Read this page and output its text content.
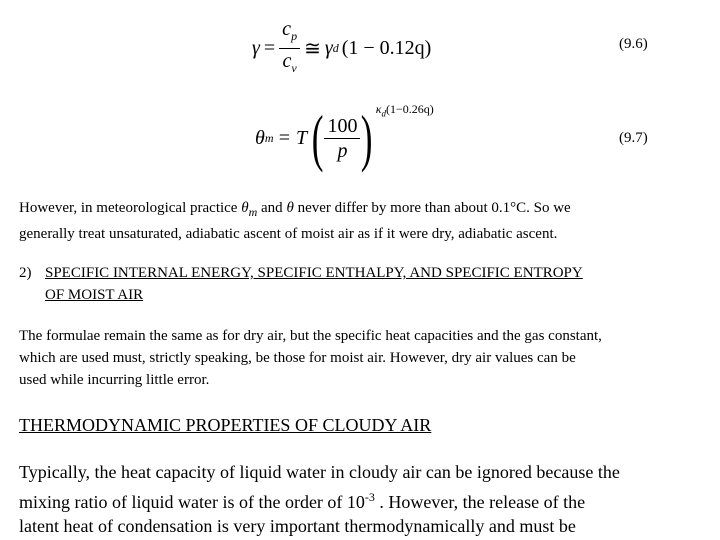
$\gamma = \frac{c_p}{c_v}$ ≅ γ d (1 − 0.12q)	(9.6)
θ m = T ( $\frac{100}{p}$ ) $\kappa_d(1-0.26q)$
(9.7)
However, in meteorological practice $\theta_m$ and θ never differ by more than about 0.1°C. So we
generally treat unsaturated, adiabatic ascent of moist air as if it were dry, adiabatic ascent.
2) SPECIFIC INTERNAL ENERGY, SPECIFIC ENTHALPY, AND SPECIFIC ENTROPY
OF MOIST AIR
The formulae remain the same as for dry air, but the specific heat capacities and the gas constant,
which are used must, strictly speaking, be those for moist air. However, dry air values can be
used while incurring little error.
THERMODYNAMIC PROPERTIES OF CLOUDY AIR
Typically, the heat capacity of liquid water in cloudy air can be ignored because the
mixing ratio of liquid water is of the order of $10^{-3}$ . However, the release of the
latent heat of condensation is very important thermodynamically and must be
